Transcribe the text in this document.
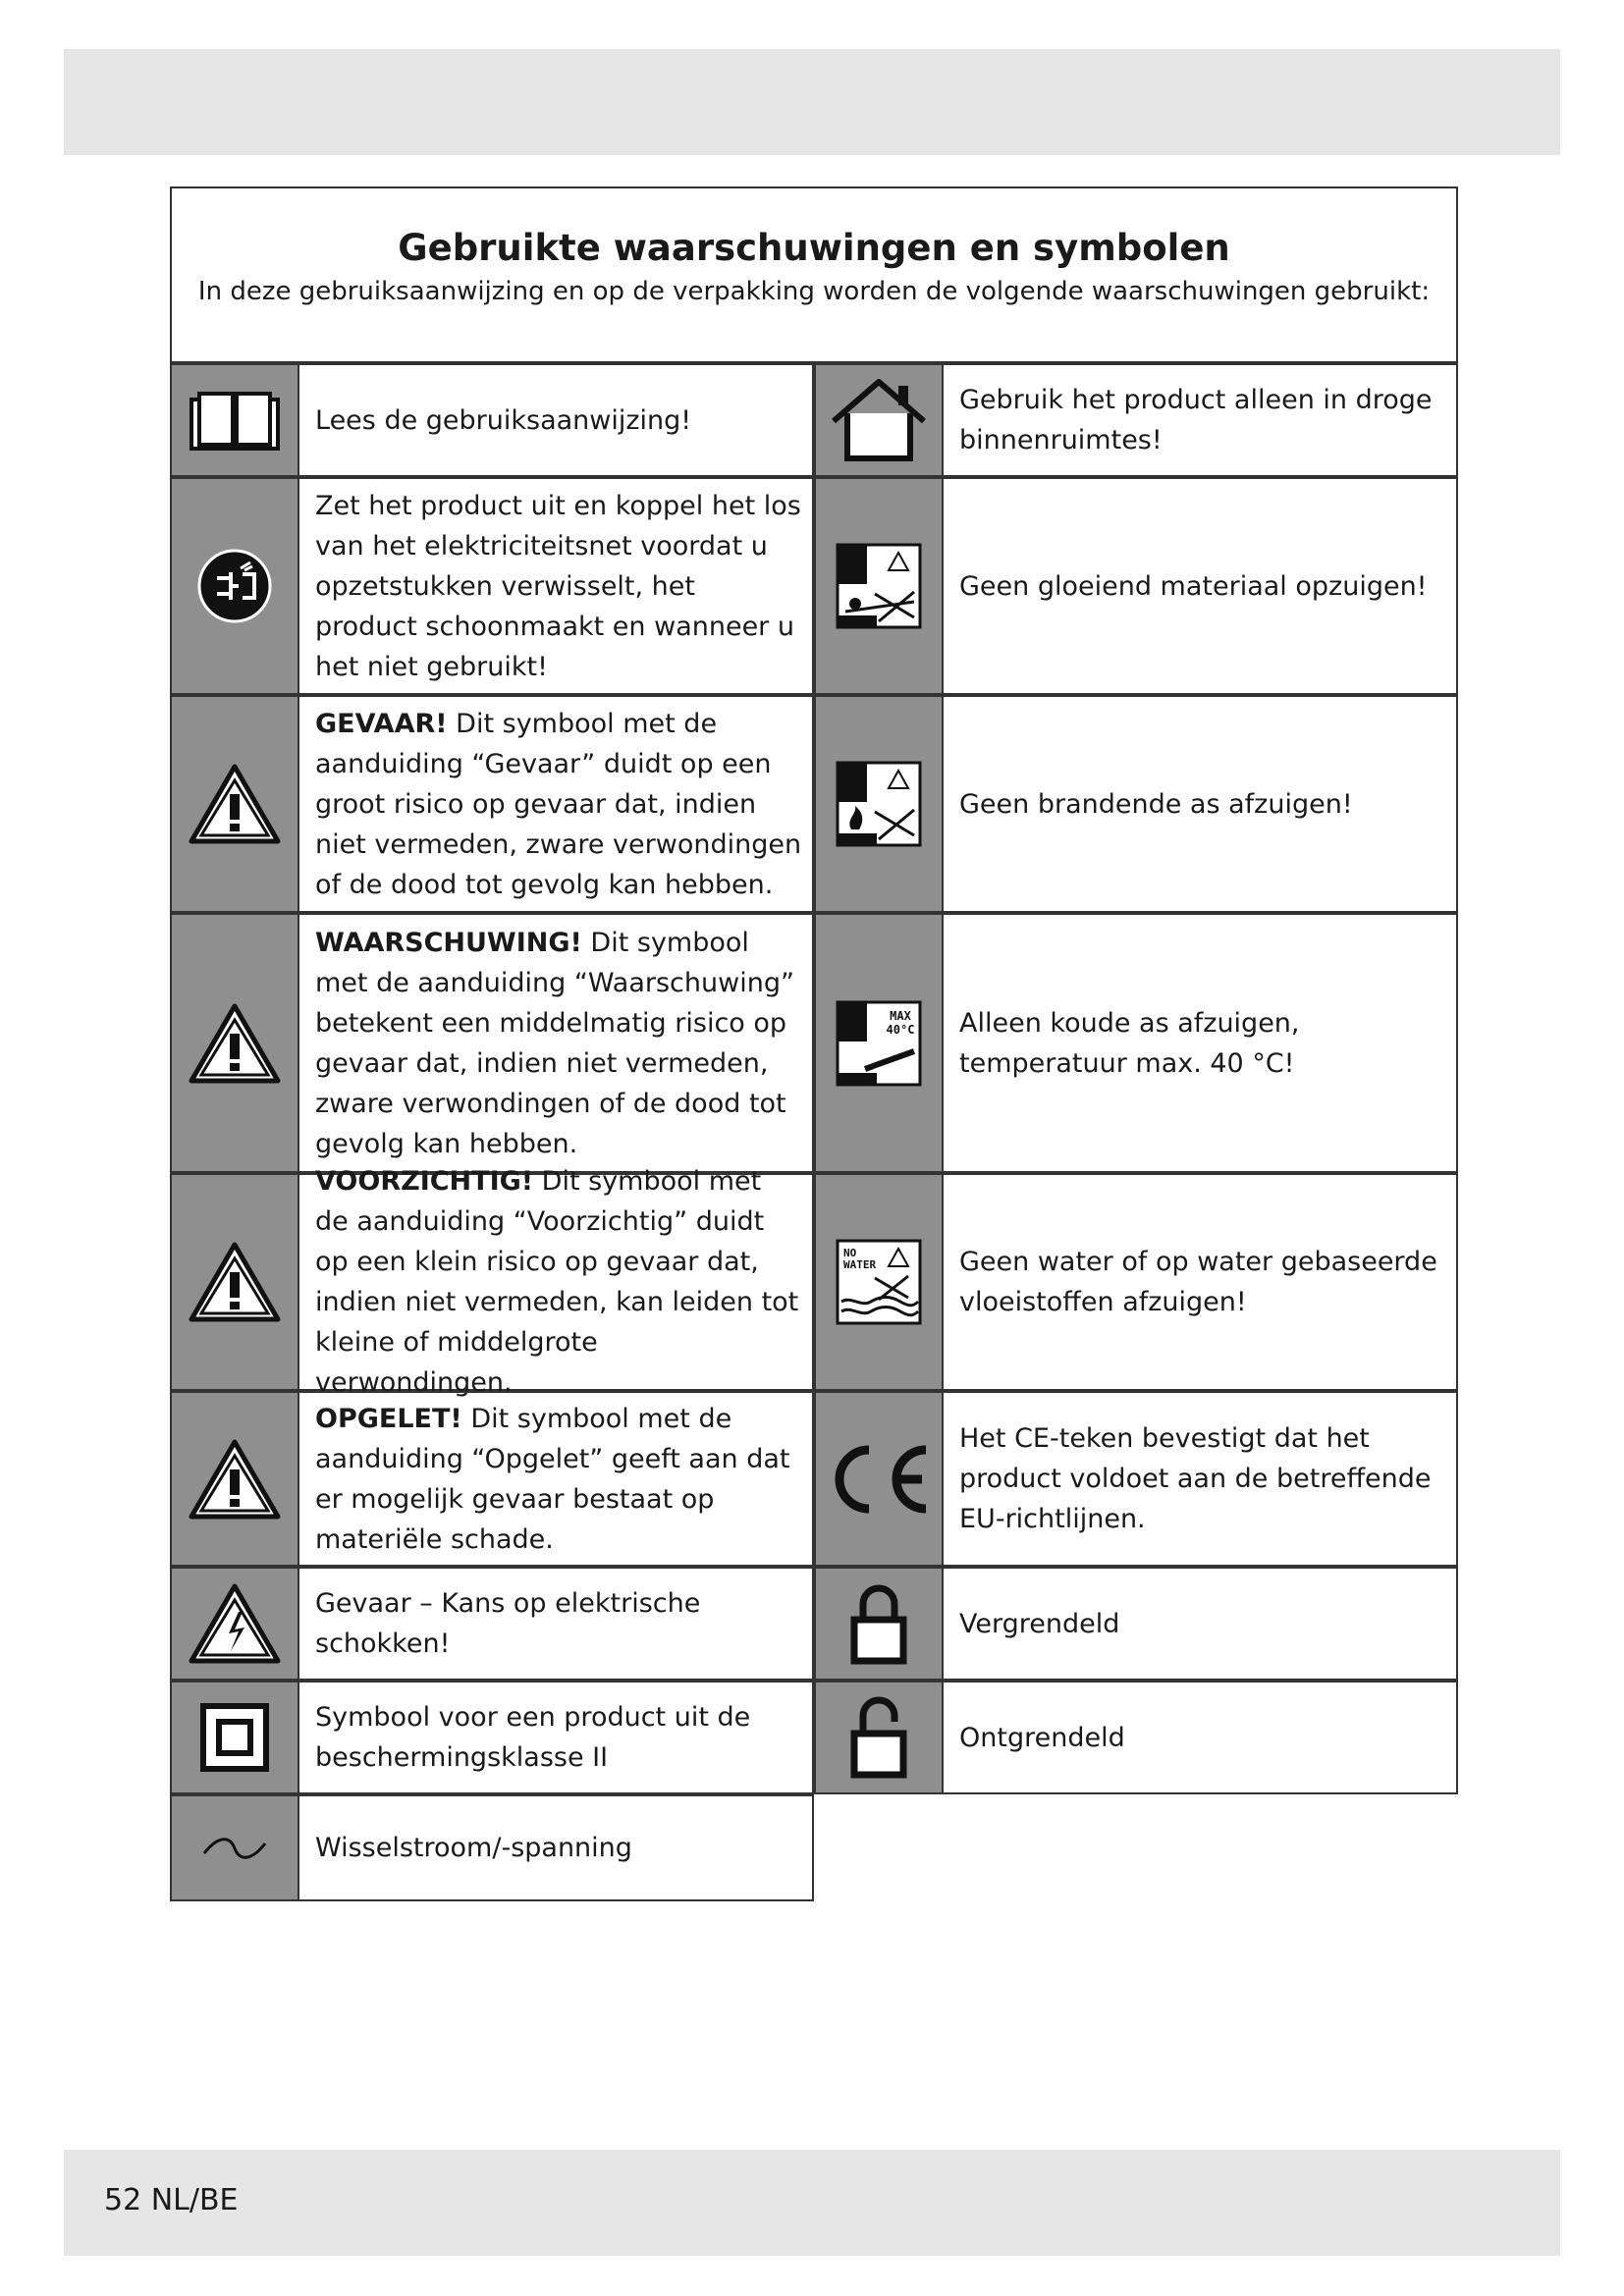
Gebruikte waarschuwingen en symbolen

In deze gebruiksaanwijzing en op de verpakking worden de volgende waarschuwingen gebruikt:

Lees de gebruiksaanwijzing!
Zet het product uit en koppel het los van het elektriciteitsnet voordat u opzetstukken verwisselt, het product schoonmaakt en wanneer u het niet gebruikt!
GEVAAR! Dit symbool met de aanduiding “Gevaar” duidt op een groot risico op gevaar dat, indien niet vermeden, zware verwondingen of de dood tot gevolg kan hebben.
WAARSCHUWING! Dit symbool met de aanduiding “Waarschuwing” betekent een middelmatig risico op gevaar dat, indien niet vermeden, zware verwondingen of de dood tot gevolg kan hebben.
VOORZICHTIG! Dit symbool met de aanduiding “Voorzichtig” duidt op een klein risico op gevaar dat, indien niet vermeden, kan leiden tot kleine of middelgrote verwondingen.
OPGELET! Dit symbool met de aanduiding “Opgelet” geeft aan dat er mogelijk gevaar bestaat op materiële schade.
Gevaar – Kans op elektrische schokken!
Symbool voor een product uit de beschermingsklasse II
Wisselstroom/-spanning
Gebruik het product alleen in droge binnenruimtes!
Geen gloeiend materiaal opzuigen!
Geen brandende as afzuigen!
MAX
40°C Alleen koude as afzuigen, temperatuur max. 40 °C!
NO
WATER	Geen water of op water gebaseerde vloeistoffen afzuigen!
Het CE-teken bevestigt dat het product voldoet aan de betreffende EU-richtlijnen.
Vergrendeld
Ontgrendeld
52 NL/BE
